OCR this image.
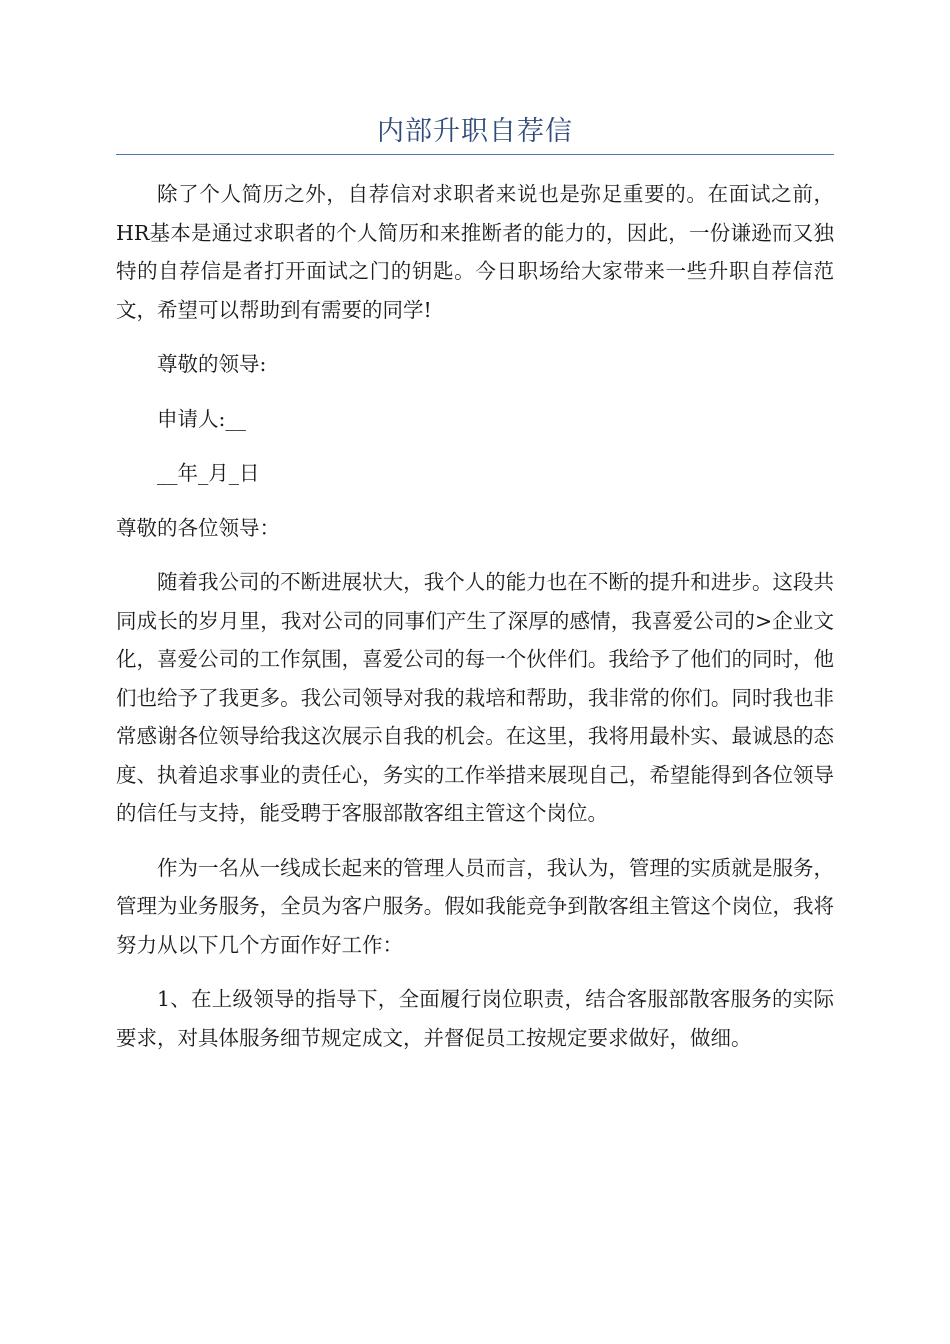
内部升职自荐信

除了个人简历之外，自荐信对求职者来说也是弥足重要的。在面试之前，HR基本是通过求职者的个人简历和来推断者的能力的，因此，一份谦逊而又独特的自荐信是者打开面试之门的钥匙。今日职场给大家带来一些升职自荐信范文，希望可以帮助到有需要的同学!

尊敬的领导:

申请人:__

__年_月_日

尊敬的各位领导：

随着我公司的不断进展状大，我个人的能力也在不断的提升和进步。这段共同成长的岁月里，我对公司的同事们产生了深厚的感情，我喜爱公司的>企业文化，喜爱公司的工作氛围，喜爱公司的每一个伙伴们。我给予了他们的同时，他们也给予了我更多。我公司领导对我的栽培和帮助，我非常的你们。同时我也非常感谢各位领导给我这次展示自我的机会。在这里，我将用最朴实、最诚恳的态度、执着追求事业的责任心，务实的工作举措来展现自己，希望能得到各位领导的信任与支持，能受聘于客服部散客组主管这个岗位。

作为一名从一线成长起来的管理人员而言，我认为，管理的实质就是服务，管理为业务服务，全员为客户服务。假如我能竞争到散客组主管这个岗位，我将努力从以下几个方面作好工作：

1、在上级领导的指导下，全面履行岗位职责，结合客服部散客服务的实际要求，对具体服务细节规定成文，并督促员工按规定要求做好，做细。
